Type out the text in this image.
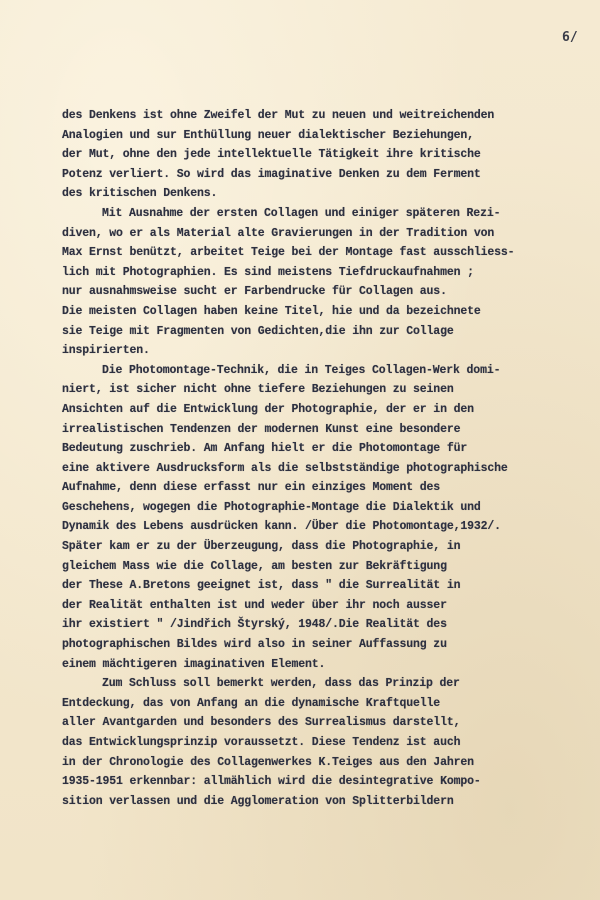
6/
des Denkens ist ohne Zweifel der Mut zu neuen und weitreichenden
Analogien und sur Enthüllung neuer dialektischer Beziehungen,
der Mut, ohne den jede intellektuelle Tätigkeit ihre kritische
Potenz verliert. So wird das imaginative Denken zu dem Ferment
des kritischen Denkens.
Mit Ausnahme der ersten Collagen und einiger späteren Rezi-
diven, wo er als Material alte Gravierungen in der Tradition von
Max Ernst benützt, arbeitet Teige bei der Montage fast ausschliess-
lich mit Photographien. Es sind meistens Tiefdruckaufnahmen ;
nur ausnahmsweise sucht er Farbendrucke für Collagen aus.
Die meisten Collagen haben keine Titel, hie und da bezeichnete
sie Teige mit Fragmenten von Gedichten,die ihn zur Collage
inspirierten.
Die Photomontage-Technik, die in Teiges Collagen-Werk domi-
niert, ist sicher nicht ohne tiefere Beziehungen zu seinen
Ansichten auf die Entwicklung der Photographie, der er in den
irrealistischen Tendenzen der modernen Kunst eine besondere
Bedeutung zuschrieb. Am Anfang hielt er die Photomontage für
eine aktivere Ausdrucksform als die selbstständige photographische
Aufnahme, denn diese erfasst nur ein einziges Moment des
Geschehens, wogegen die Photographie-Montage die Dialektik und
Dynamik des Lebens ausdrücken kann. /Über die Photomontage,1932/.
Später kam er zu der Überzeugung, dass die Photographie, in
gleichem Mass wie die Collage, am besten zur Bekräftigung
der These A.Bretons geeignet ist, dass " die Surrealität in
der Realität enthalten ist und weder über ihr noch ausser
ihr existiert " /Jindřich Štyrský, 1948/.Die Realität des
photographischen Bildes wird also in seiner Auffassung zu
einem mächtigeren imaginativen Element.
Zum Schluss soll bemerkt werden, dass das Prinzip der
Entdeckung, das von Anfang an die dynamische Kraftquelle
aller Avantgarden und besonders des Surrealismus darstellt,
das Entwicklungsprinzip voraussetzt. Diese Tendenz ist auch
in der Chronologie des Collagenwerkes K.Teiges aus den Jahren
1935-1951 erkennbar: allmählich wird die desintegrative Kompo-
sition verlassen und die Agglomeration von Splitterbildern
